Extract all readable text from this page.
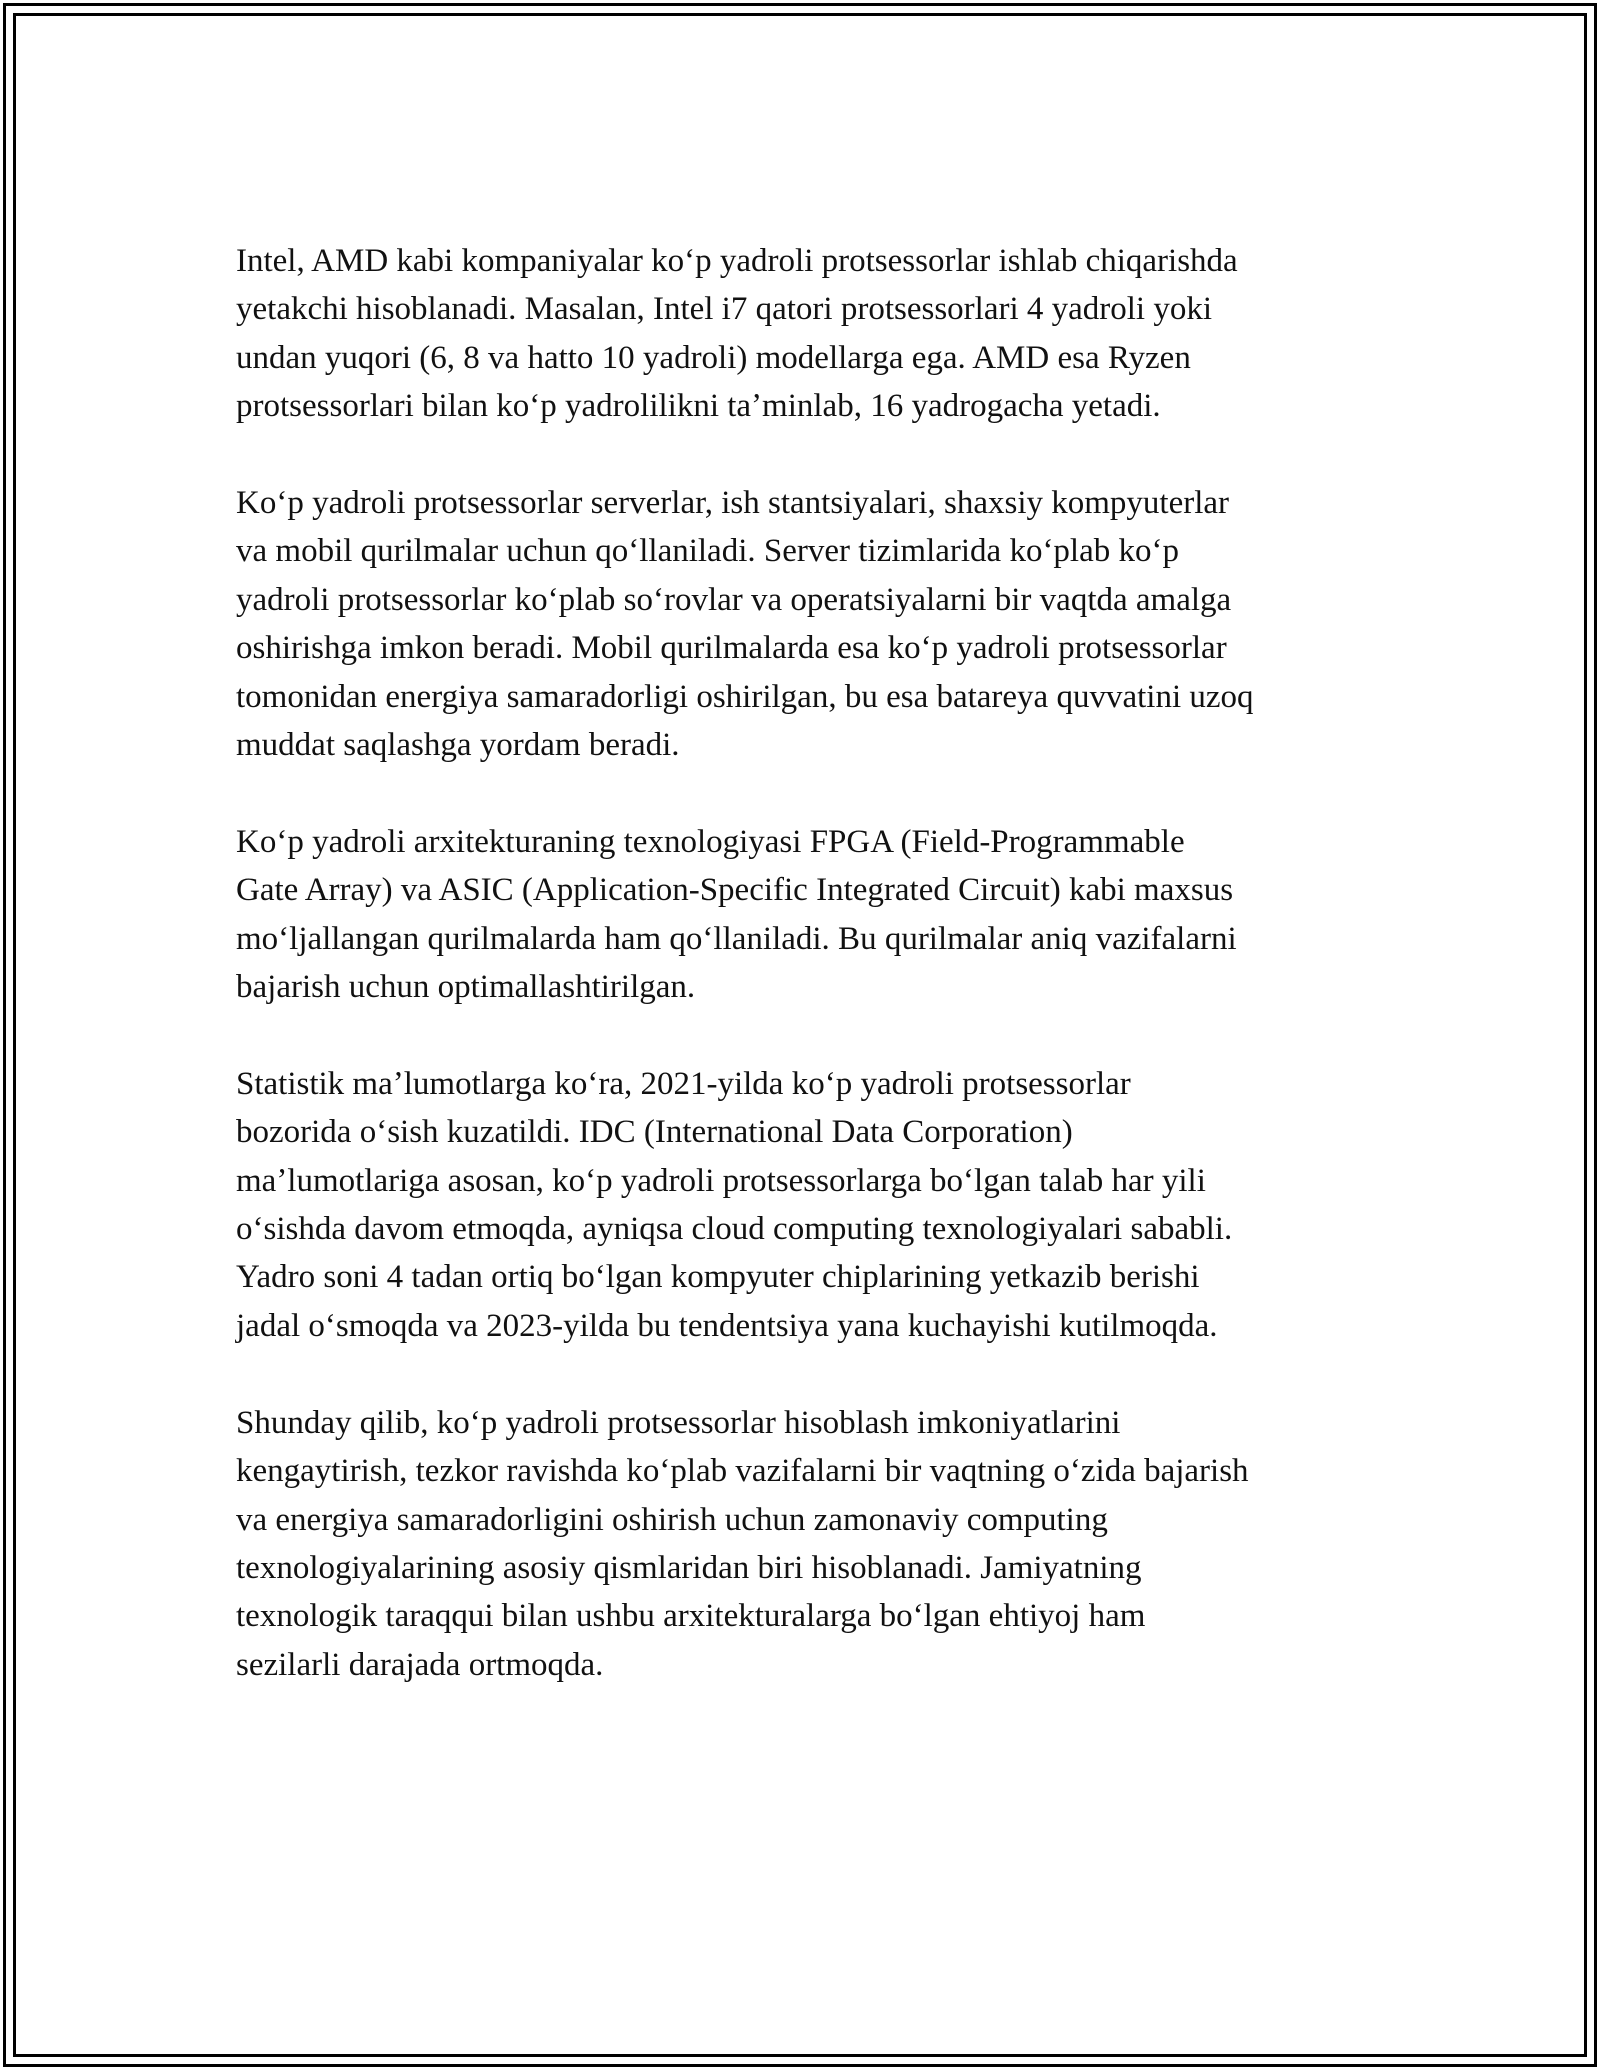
Intel, AMD kabi kompaniyalar koʻp yadroli protsessorlar ishlab chiqarishda
yetakchi hisoblanadi. Masalan, Intel i7 qatori protsessorlari 4 yadroli yoki
undan yuqori (6, 8 va hatto 10 yadroli) modellarga ega. AMD esa Ryzen
protsessorlari bilan koʻp yadrolilikni taʼminlab, 16 yadrogacha yetadi.

Koʻp yadroli protsessorlar serverlar, ish stantsiyalari, shaxsiy kompyuterlar
va mobil qurilmalar uchun qoʻllaniladi. Server tizimlarida koʻplab koʻp
yadroli protsessorlar koʻplab soʻrovlar va operatsiyalarni bir vaqtda amalga
oshirishga imkon beradi. Mobil qurilmalarda esa koʻp yadroli protsessorlar
tomonidan energiya samaradorligi oshirilgan, bu esa batareya quvvatini uzoq
muddat saqlashga yordam beradi.

Koʻp yadroli arxitekturaning texnologiyasi FPGA (Field-Programmable
Gate Array) va ASIC (Application-Specific Integrated Circuit) kabi maxsus
moʻljallangan qurilmalarda ham qoʻllaniladi. Bu qurilmalar aniq vazifalarni
bajarish uchun optimallashtirilgan.

Statistik maʼlumotlarga koʻra, 2021-yilda koʻp yadroli protsessorlar
bozorida oʻsish kuzatildi. IDC (International Data Corporation)
maʼlumotlariga asosan, koʻp yadroli protsessorlarga boʻlgan talab har yili
oʻsishda davom etmoqda, ayniqsa cloud computing texnologiyalari sababli.
Yadro soni 4 tadan ortiq boʻlgan kompyuter chiplarining yetkazib berishi
jadal oʻsmoqda va 2023-yilda bu tendentsiya yana kuchayishi kutilmoqda.

Shunday qilib, koʻp yadroli protsessorlar hisoblash imkoniyatlarini
kengaytirish, tezkor ravishda koʻplab vazifalarni bir vaqtning oʻzida bajarish
va energiya samaradorligini oshirish uchun zamonaviy computing
texnologiyalarining asosiy qismlaridan biri hisoblanadi. Jamiyatning
texnologik taraqqui bilan ushbu arxitekturalarga boʻlgan ehtiyoj ham
sezilarli darajada ortmoqda.
